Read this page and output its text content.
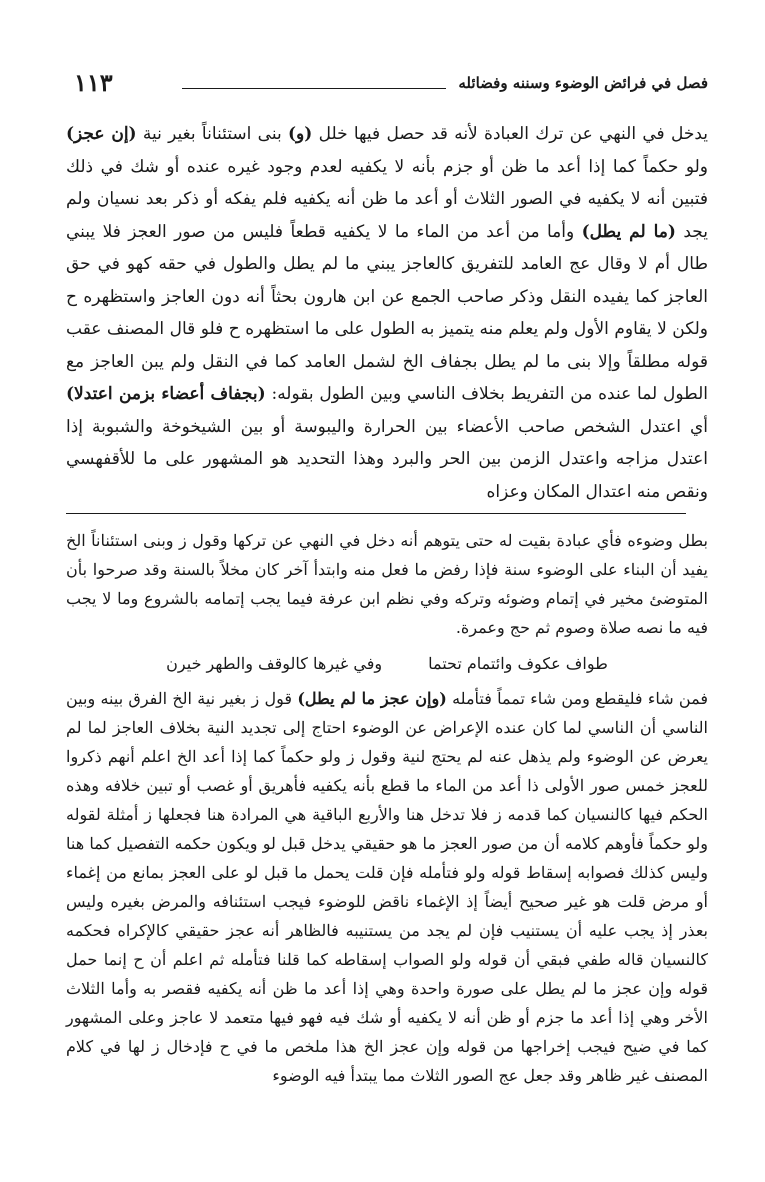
فصل في فرائض الوضوء وسننه وفضائله
١١٣

يدخل في النهي عن ترك العبادة لأنه قد حصل فيها خلل (و) بنى استئناناً بغير نية (إن عجز) ولو حكماً كما إذا أعد ما ظن أو جزم بأنه لا يكفيه لعدم وجود غيره عنده أو شك في ذلك فتبين أنه لا يكفيه في الصور الثلاث أو أعد ما ظن أنه يكفيه فلم يفكه أو ذكر بعد نسيان ولم يجد (ما لم يطل) وأما من أعد من الماء ما لا يكفيه قطعاً فليس من صور العجز فلا يبني طال أم لا وقال عج العامد للتفريق كالعاجز يبني ما لم يطل والطول في حقه كهو في حق العاجز كما يفيده النقل وذكر صاحب الجمع عن ابن هارون بحثاً أنه دون العاجز واستظهره ح ولكن لا يقاوم الأول ولم يعلم منه يتميز به الطول على ما استظهره ح فلو قال المصنف عقب قوله مطلقاً وإلا بنى ما لم يطل بجفاف الخ لشمل العامد كما في النقل ولم يبن العاجز مع الطول لما عنده من التفريط بخلاف الناسي وبين الطول بقوله: (بجفاف أعضاء بزمن اعتدلا) أي اعتدل الشخص صاحب الأعضاء بين الحرارة واليبوسة أو بين الشيخوخة والشبوبة إذا اعتدل مزاجه واعتدل الزمن بين الحر والبرد وهذا التحديد هو المشهور على ما للأقفهسي ونقص منه اعتدال المكان وعزاه

بطل وضوءه فأي عبادة بقيت له حتى يتوهم أنه دخل في النهي عن تركها وقول ز وبنى استئناناً الخ يفيد أن البناء على الوضوء سنة فإذا رفض ما فعل منه وابتدأ آخر كان مخلاً بالسنة وقد صرحوا بأن المتوضئ مخير في إتمام وضوئه وتركه وفي نظم ابن عرفة فيما يجب إتمامه بالشروع وما لا يجب فيه ما نصه صلاة وصوم ثم حج وعمرة.

طواف عكوف وائتمام تحتما
وفي غيرها كالوقف والطهر خيرن

فمن شاء فليقطع ومن شاء تمماً فتأمله (وإن عجز ما لم يطل) قول ز بغير نية الخ الفرق بينه وبين الناسي أن الناسي لما كان عنده الإعراض عن الوضوء احتاج إلى تجديد النية بخلاف العاجز لما لم يعرض عن الوضوء ولم يذهل عنه لم يحتج لنية وقول ز ولو حكماً كما إذا أعد الخ اعلم أنهم ذكروا للعجز خمس صور الأولى ذا أعد من الماء ما قطع بأنه يكفيه فأهريق أو غصب أو تبين خلافه وهذه الحكم فيها كالنسيان كما قدمه ز فلا تدخل هنا والأربع الباقية هي المرادة هنا فجعلها ز أمثلة لقوله ولو حكماً فأوهم كلامه أن من صور العجز ما هو حقيقي يدخل قبل لو ويكون حكمه التفصيل كما هنا وليس كذلك فصوابه إسقاط قوله ولو فتأمله فإن قلت يحمل ما قبل لو على العجز بمانع من إغماء أو مرض قلت هو غير صحيح أيضاً إذ الإغماء ناقض للوضوء فيجب استئنافه والمرض بغيره وليس بعذر إذ يجب عليه أن يستنيب فإن لم يجد من يستنيبه فالظاهر أنه عجز حقيقي كالإكراه فحكمه كالنسيان قاله طفي فبقي أن قوله ولو الصواب إسقاطه كما قلنا فتأمله ثم اعلم أن ح إنما حمل قوله وإن عجز ما لم يطل على صورة واحدة وهي إذا أعد ما ظن أنه يكفيه فقصر به وأما الثلاث الأخر وهي إذا أعد ما جزم أو ظن أنه لا يكفيه أو شك فيه فهو فيها متعمد لا عاجز وعلى المشهور كما في ضيح فيجب إخراجها من قوله وإن عجز الخ هذا ملخص ما في ح فإدخال ز لها في كلام المصنف غير ظاهر وقد جعل عج الصور الثلاث مما يبتدأ فيه الوضوء
